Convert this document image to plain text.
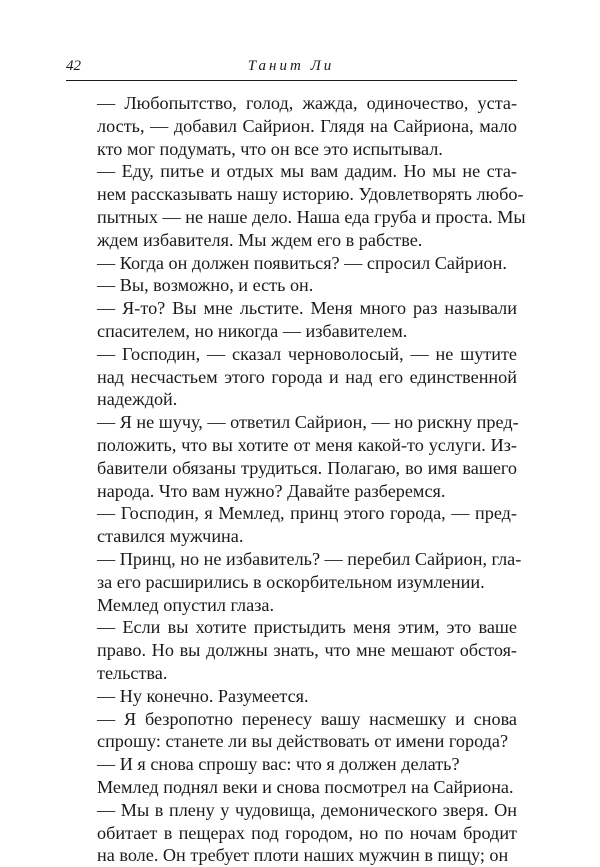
42	Танит Ли

— Любопытство, голод, жажда, одиночество, уста-
лость, — добавил Сайрион. Глядя на Сайриона, мало
кто мог подумать, что он все это испытывал.

— Еду, питье и отдых мы вам дадим. Но мы не ста-
нем рассказывать нашу историю. Удовлетворять любо-
пытных — не наше дело. Наша еда груба и проста. Мы
ждем избавителя. Мы ждем его в рабстве.

— Когда он должен появиться? — спросил Сайрион.

— Вы, возможно, и есть он.

— Я-то? Вы мне льстите. Меня много раз называли
спасителем, но никогда — избавителем.

— Господин, — сказал черноволосый, — не шутите
над несчастьем этого города и над его единственной
надеждой.

— Я не шучу, — ответил Сайрион, — но рискну пред-
положить, что вы хотите от меня какой-то услуги. Из-
бавители обязаны трудиться. Полагаю, во имя вашего
народа. Что вам нужно? Давайте разберемся.

— Господин, я Мемлед, принц этого города, — пред-
ставился мужчина.

— Принц, но не избавитель? — перебил Сайрион, гла-
за его расширились в оскорбительном изумлении.

Мемлед опустил глаза.

— Если вы хотите пристыдить меня этим, это ваше
право. Но вы должны знать, что мне мешают обстоя-
тельства.

— Ну конечно. Разумеется.

— Я безропотно перенесу вашу насмешку и снова
спрошу: станете ли вы действовать от имени города?

— И я снова спрошу вас: что я должен делать?

Мемлед поднял веки и снова посмотрел на Сайриона.

— Мы в плену у чудовища, демонического зверя. Он
обитает в пещерах под городом, но по ночам бродит
на воле. Он требует плоти наших мужчин в пищу; он
